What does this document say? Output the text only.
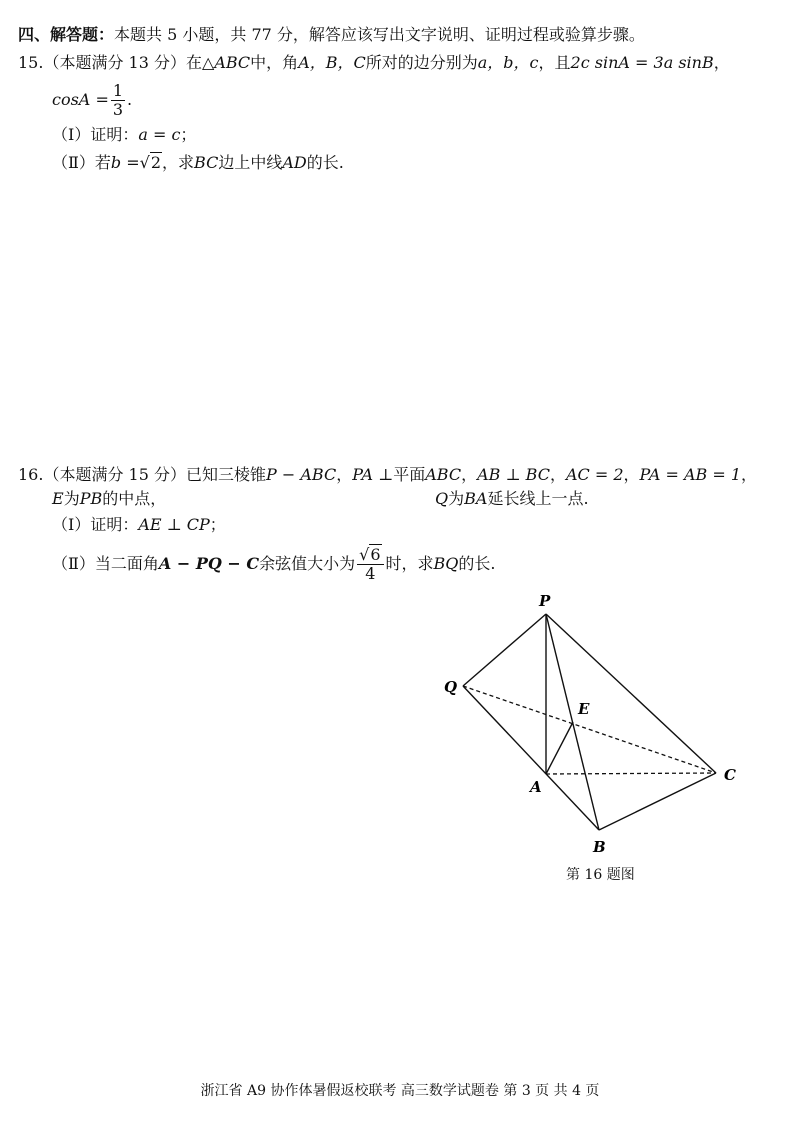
四、解答题：本题共 5 小题，共 77 分，解答应该写出文字说明、证明过程或验算步骤。
15.（本题满分 13 分）在△ABC中，角A，B，C所对的边分别为a，b，c，且2c sinA = 3a sinB，
$\cos A = \frac{1}{3}$ .
（Ⅰ）证明：a = c；
（Ⅱ）若b =√2，求BC边上中线AD的长.
16.（本题满分 15 分）已知三棱锥P − ABC，PA ⊥平面ABC，AB ⊥ BC，AC = 2，PA = AB = 1，
E为PB的中点，	Q为BA延长线上一点.
（Ⅰ）证明：AE ⊥ CP；
（Ⅱ）当二面角A − PQ − C余弦值大小为 $\frac{√6}{4}$ 时，求BQ的长.
P
Q
E
A
B
C
第 16 题图
浙江省 A9 协作体暑假返校联考 高三数学试题卷 第 3 页 共 4 页
